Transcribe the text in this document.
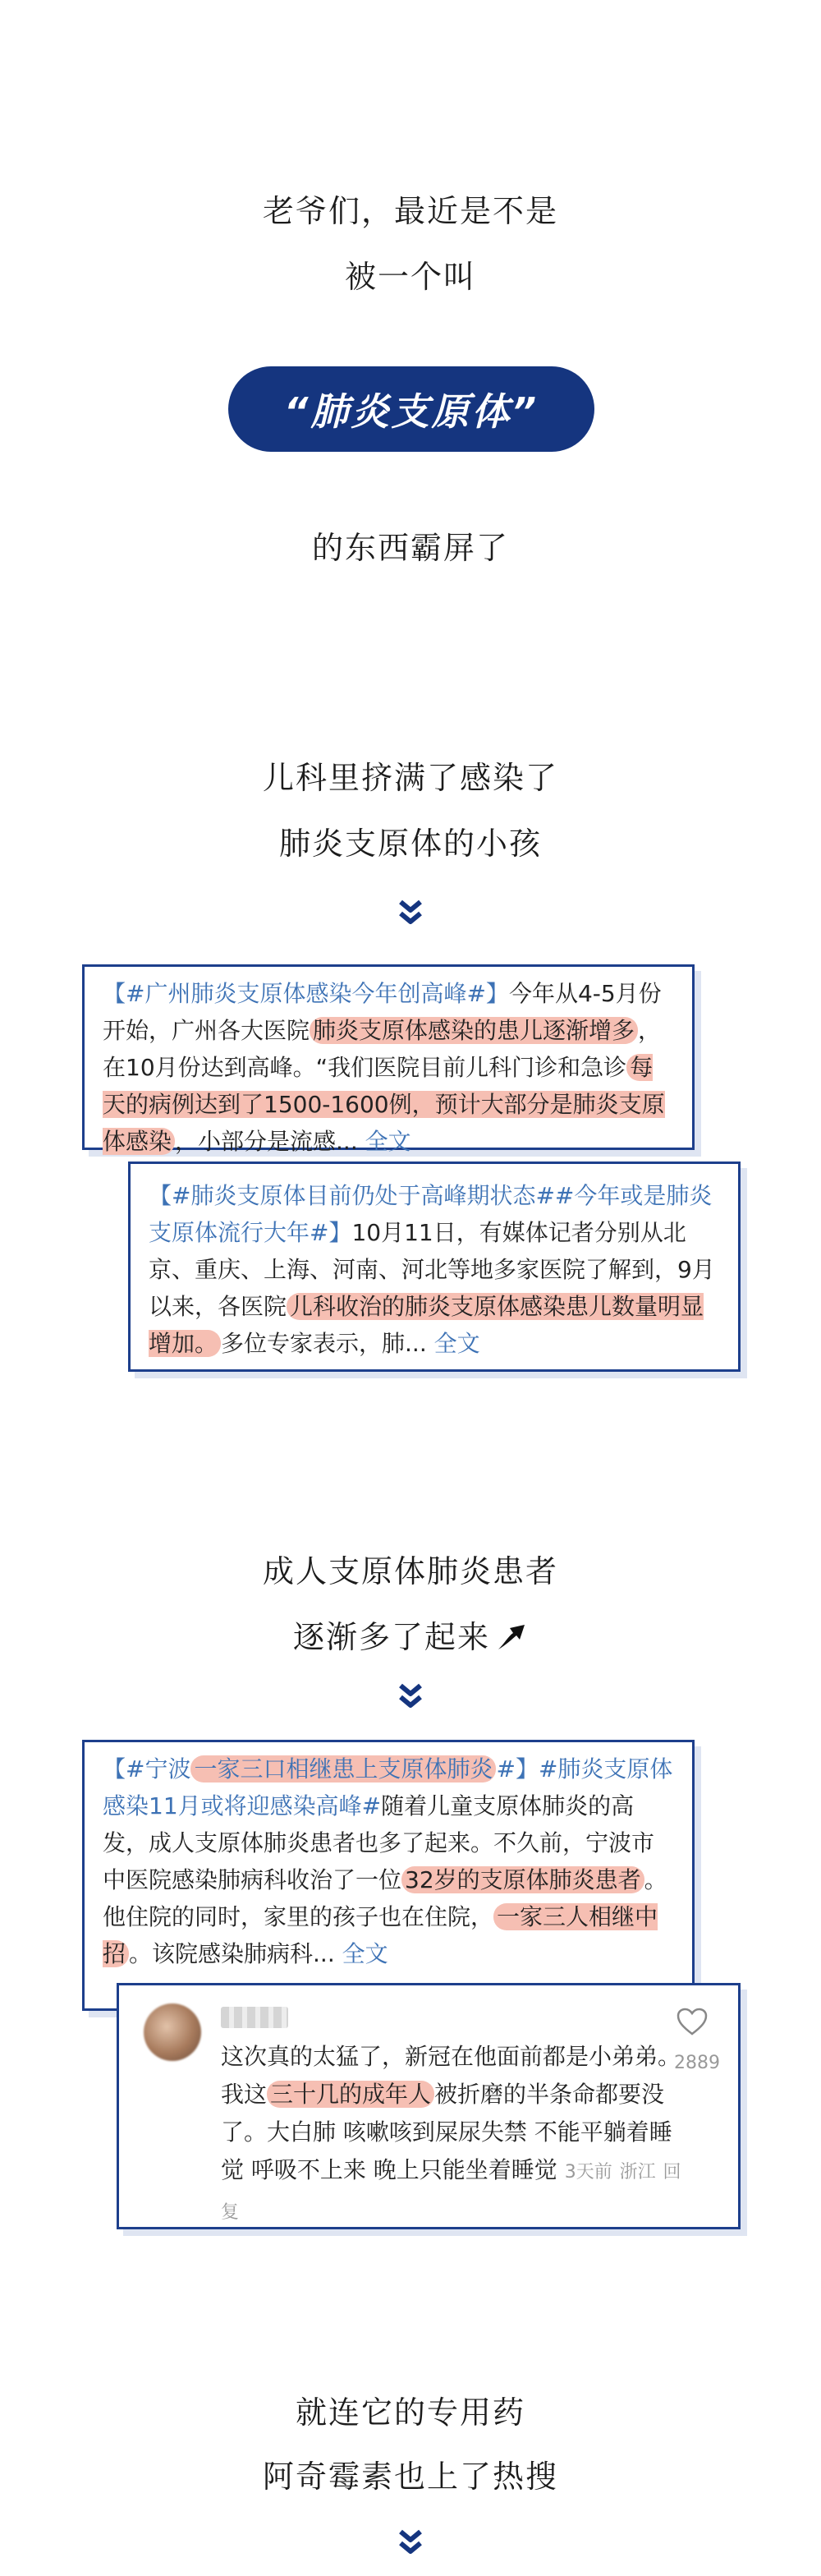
老爷们，最近是不是
被一个叫
“肺炎支原体”
的东西霸屏了
儿科里挤满了感染了
肺炎支原体的小孩
【#广州肺炎支原体感染今年创高峰#】今年从4-5月份开始，广州各大医院 肺炎支原体感染的患儿逐渐增多 ，在10月份达到高峰。“我们医院目前儿科门诊和急诊 每天的病例达到了1500-1600例，预计大部分是肺炎支原体感染 ，小部分是流感... 全文
【#肺炎支原体目前仍处于高峰期状态##今年或是肺炎支原体流行大年#】10月11日，有媒体记者分别从北京、重庆、上海、河南、河北等地多家医院了解到，9月以来，各医院 儿科收治的肺炎支原体感染患儿数量明显增加。 多位专家表示，肺... 全文
成人支原体肺炎患者
逐渐多了起来
【#宁波 一家三口相继患上支原体肺炎 #】#肺炎支原体感染11月或将迎感染高峰#随着儿童支原体肺炎的高发，成人支原体肺炎患者也多了起来。不久前，宁波市中医院感染肺病科收治了一位 32岁的支原体肺炎患者 。他住院的同时，家里的孩子也在住院， 一家三人相继中招 。该院感染肺病科... 全文
2889
这次真的太猛了，新冠在他面前都是小弟弟。我这 三十几的成年人 被折磨的半条命都要没了。大白肺 咳嗽咳到屎尿失禁 不能平躺着睡觉 呼吸不上来 晚上只能坐着睡觉 3天前 浙江 回复
就连它的专用药
阿奇霉素也上了热搜
